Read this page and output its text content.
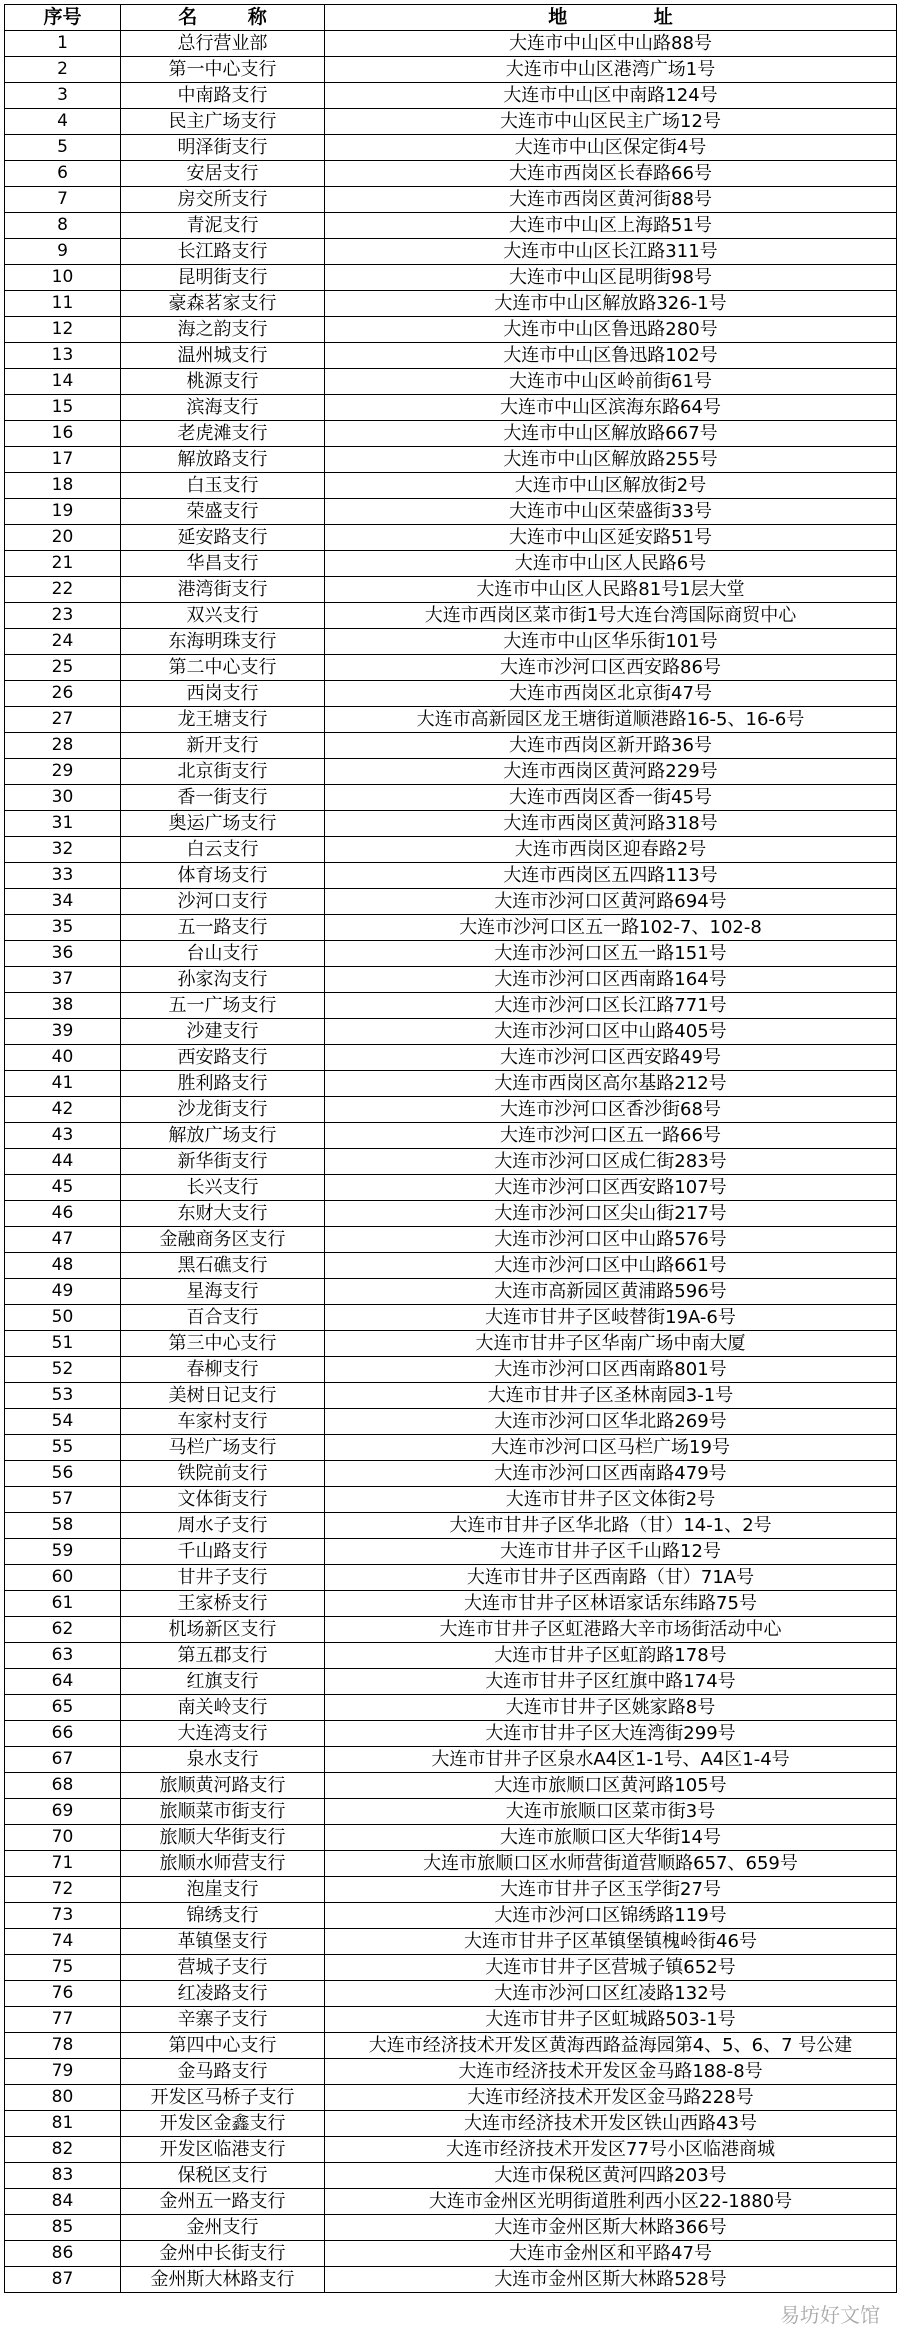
序号	名 称	地 址
1	总行营业部	大连市中山区中山路88号
2	第一中心支行	大连市中山区港湾广场1号
3	中南路支行	大连市中山区中南路124号
4	民主广场支行	大连市中山区民主广场12号
5	明泽街支行	大连市中山区保定街4号
6	安居支行	大连市西岗区长春路66号
7	房交所支行	大连市西岗区黄河街88号
8	青泥支行	大连市中山区上海路51号
9	长江路支行	大连市中山区长江路311号
10	昆明街支行	大连市中山区昆明街98号
11	豪森茗家支行	大连市中山区解放路326-1号
12	海之韵支行	大连市中山区鲁迅路280号
13	温州城支行	大连市中山区鲁迅路102号
14	桃源支行	大连市中山区岭前街61号
15	滨海支行	大连市中山区滨海东路64号
16	老虎滩支行	大连市中山区解放路667号
17	解放路支行	大连市中山区解放路255号
18	白玉支行	大连市中山区解放街2号
19	荣盛支行	大连市中山区荣盛街33号
20	延安路支行	大连市中山区延安路51号
21	华昌支行	大连市中山区人民路6号
22	港湾街支行	大连市中山区人民路81号1层大堂
23	双兴支行	大连市西岗区菜市街1号大连台湾国际商贸中心
24	东海明珠支行	大连市中山区华乐街101号
25	第二中心支行	大连市沙河口区西安路86号
26	西岗支行	大连市西岗区北京街47号
27	龙王塘支行	大连市高新园区龙王塘街道顺港路16-5、16-6号
28	新开支行	大连市西岗区新开路36号
29	北京街支行	大连市西岗区黄河路229号
30	香一街支行	大连市西岗区香一街45号
31	奥运广场支行	大连市西岗区黄河路318号
32	白云支行	大连市西岗区迎春路2号
33	体育场支行	大连市西岗区五四路113号
34	沙河口支行	大连市沙河口区黄河路694号
35	五一路支行	大连市沙河口区五一路102-7、102-8
36	台山支行	大连市沙河口区五一路151号
37	孙家沟支行	大连市沙河口区西南路164号
38	五一广场支行	大连市沙河口区长江路771号
39	沙建支行	大连市沙河口区中山路405号
40	西安路支行	大连市沙河口区西安路49号
41	胜利路支行	大连市西岗区高尔基路212号
42	沙龙街支行	大连市沙河口区香沙街68号
43	解放广场支行	大连市沙河口区五一路66号
44	新华街支行	大连市沙河口区成仁街283号
45	长兴支行	大连市沙河口区西安路107号
46	东财大支行	大连市沙河口区尖山街217号
47	金融商务区支行	大连市沙河口区中山路576号
48	黑石礁支行	大连市沙河口区中山路661号
49	星海支行	大连市高新园区黄浦路596号
50	百合支行	大连市甘井子区岐替街19A-6号
51	第三中心支行	大连市甘井子区华南广场中南大厦
52	春柳支行	大连市沙河口区西南路801号
53	美树日记支行	大连市甘井子区圣林南园3-1号
54	车家村支行	大连市沙河口区华北路269号
55	马栏广场支行	大连市沙河口区马栏广场19号
56	铁院前支行	大连市沙河口区西南路479号
57	文体街支行	大连市甘井子区文体街2号
58	周水子支行	大连市甘井子区华北路（甘）14-1、2号
59	千山路支行	大连市甘井子区千山路12号
60	甘井子支行	大连市甘井子区西南路（甘）71A号
61	王家桥支行	大连市甘井子区林语家话东纬路75号
62	机场新区支行	大连市甘井子区虹港路大辛市场街活动中心
63	第五郡支行	大连市甘井子区虹韵路178号
64	红旗支行	大连市甘井子区红旗中路174号
65	南关岭支行	大连市甘井子区姚家路8号
66	大连湾支行	大连市甘井子区大连湾街299号
67	泉水支行	大连市甘井子区泉水A4区1-1号、A4区1-4号
68	旅顺黄河路支行	大连市旅顺口区黄河路105号
69	旅顺菜市街支行	大连市旅顺口区菜市街3号
70	旅顺大华街支行	大连市旅顺口区大华街14号
71	旅顺水师营支行	大连市旅顺口区水师营街道营顺路657、659号
72	泡崖支行	大连市甘井子区玉学街27号
73	锦绣支行	大连市沙河口区锦绣路119号
74	革镇堡支行	大连市甘井子区革镇堡镇槐岭街46号
75	营城子支行	大连市甘井子区营城子镇652号
76	红凌路支行	大连市沙河口区红凌路132号
77	辛寨子支行	大连市甘井子区虹城路503-1号
78	第四中心支行	大连市经济技术开发区黄海西路益海园第4、5、6、7 号公建
79	金马路支行	大连市经济技术开发区金马路188-8号
80	开发区马桥子支行	大连市经济技术开发区金马路228号
81	开发区金鑫支行	大连市经济技术开发区铁山西路43号
82	开发区临港支行	大连市经济技术开发区77号小区临港商城
83	保税区支行	大连市保税区黄河四路203号
84	金州五一路支行	大连市金州区光明街道胜利西小区22-1880号
85	金州支行	大连市金州区斯大林路366号
86	金州中长街支行	大连市金州区和平路47号
87	金州斯大林路支行	大连市金州区斯大林路528号
易坊好文馆
